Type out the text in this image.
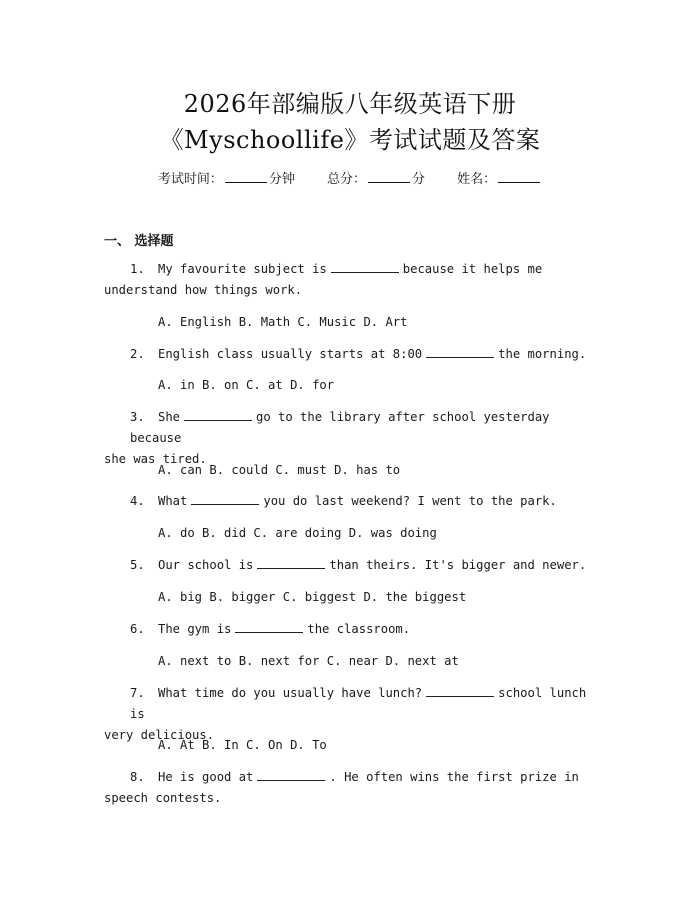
2026年部编版八年级英语下册
《Myschoollife》考试试题及答案
考试时间：	分钟 总分：	分 姓名：
一、 选择题
1. My favourite subject is	because it helps me
understand how things work.
A. English B. Math C. Music D. Art
2. English class usually starts at 8:00	the morning.
A. in B. on C. at D. for
3. She	go to the library after school yesterday because
she was tired.
A. can B. could C. must D. has to
4. What	you do last weekend? I went to the park.
A. do B. did C. are doing D. was doing
5. Our school is	than theirs. It's bigger and newer.
A. big B. bigger C. biggest D. the biggest
6. The gym is	the classroom.
A. next to B. next for C. near D. next at
7. What time do you usually have lunch?	school lunch is
very delicious.
A. At B. In C. On D. To
8. He is good at	. He often wins the first prize in
speech contests.
